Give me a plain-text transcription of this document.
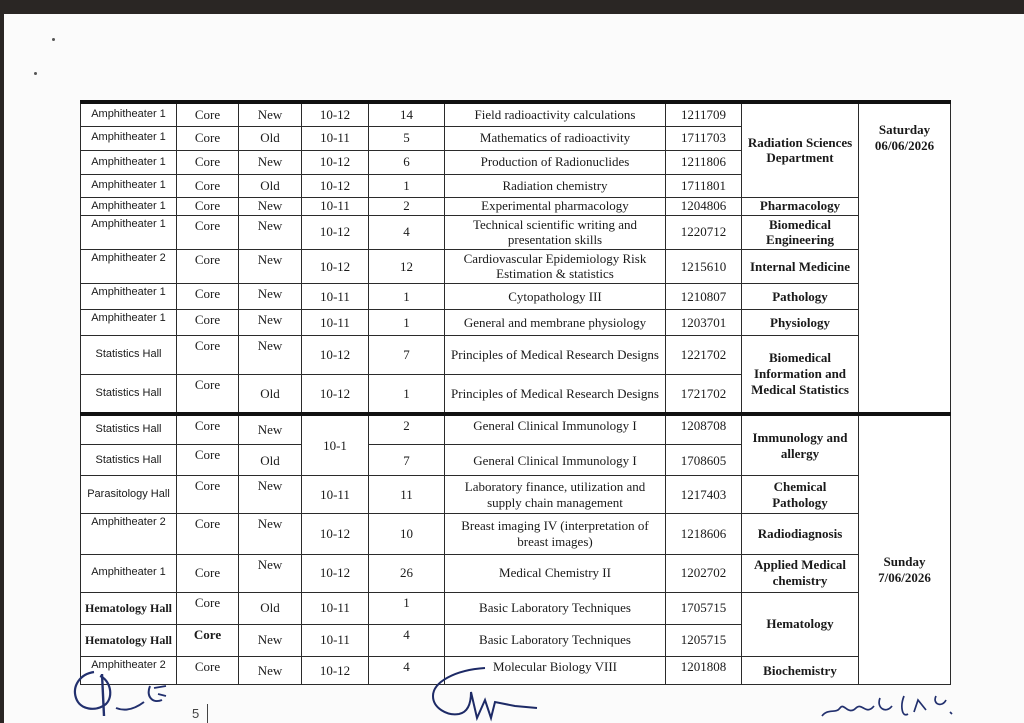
Amphitheater 1	Core	New	10-12	14	Field radioactivity calculations	1211709	Radiation Sciences Department	Saturday
06/06/2026

Amphitheater 1	Core	Old	10-11	5	Mathematics of radioactivity	1711703		
Amphitheater 1	Core	New	10-12	6	Production of Radionuclides	1211806		
Amphitheater 1	Core	Old	10-12	1	Radiation chemistry	1711801		
Amphitheater 1	Core	New	10-11	2	Experimental pharmacology	1204806	Pharmacology	
Amphitheater 1	Core	New	10-12	4	Technical scientific writing and presentation skills	1220712	Biomedical Engineering	
Amphitheater 2	Core	New	10-12	12	Cardiovascular Epidemiology Risk Estimation & statistics	1215610	Internal Medicine	
Amphitheater 1	Core	New	10-11	1	Cytopathology III	1210807	Pathology	
Amphitheater 1	Core	New	10-11	1	General and membrane physiology	1203701	Physiology	
Statistics Hall	Core	New	10-12	7	Principles of Medical Research Designs	1221702	Biomedical Information and Medical Statistics	
Statistics Hall	Core	Old	10-12	1	Principles of Medical Research Designs	1721702		
Statistics Hall	Core	New	10-1	2	General Clinical Immunology I	1208708	Immunology and allergy	Sunday
7/06/2026

Statistics Hall	Core	Old		7	General Clinical Immunology I	1708605		
Parasitology Hall	Core	New	10-11	11	Laboratory finance, utilization and supply chain management	1217403	Chemical Pathology	
Amphitheater 2	Core	New	10-12	10	Breast imaging IV (interpretation of breast images)	1218606	Radiodiagnosis	
Amphitheater 1	Core	New	10-12	26	Medical Chemistry II	1202702	Applied Medical chemistry	
Hematology Hall	Core	Old	10-11	1	Basic Laboratory Techniques	1705715	Hematology	
Hematology Hall	Core	New	10-11	4	Basic Laboratory Techniques	1205715		
Amphitheater 2	Core	New	10-12	4	Molecular Biology VIII	1201808	Biochemistry	
5
